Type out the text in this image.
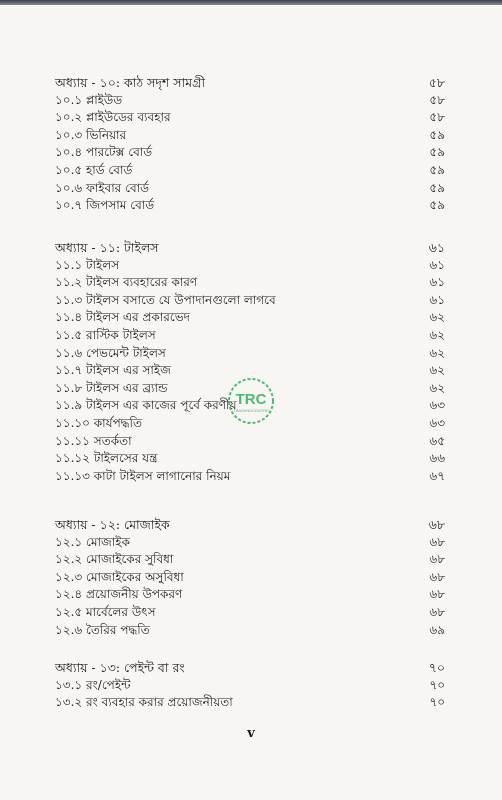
অধ্যায় - ১০: কাঠ সদৃশ সামগ্রী	৫৮
১০.১ প্লাইউড	৫৮
১০.২ প্লাইউডের ব্যবহার	৫৮
১০.৩ ভিনিয়ার	৫৯
১০.৪ পারটেক্স বোর্ড	৫৯
১০.৫ হার্ড বোর্ড	৫৯
১০.৬ ফাইবার বোর্ড	৫৯
১০.৭ জিপসাম বোর্ড	৫৯
অধ্যায় - ১১: টাইলস	৬১
১১.১ টাইলস	৬১
১১.২ টাইলস ব্যবহারের কারণ	৬১
১১.৩ টাইলস বসাতে যে উপাদানগুলো লাগবে	৬১
১১.৪ টাইলস এর প্রকারভেদ	৬২
১১.৫ রাস্টিক টাইলস	৬২
১১.৬ পেভমেন্ট টাইলস	৬২
১১.৭ টাইলস এর সাইজ	৬২
১১.৮ টাইলস এর ব্র্যান্ড	৬২
১১.৯ টাইলস এর কাজের পূর্বে করণীয়	৬৩
১১.১০ কার্যপদ্ধতি	৬৩
১১.১১ সতর্কতা	৬৫
১১.১২ টাইলসের যন্ত্র	৬৬
১১.১৩ কাটা টাইলস লাগানোর নিয়ম	৬৭
অধ্যায় - ১২: মোজাইক	৬৮
১২.১ মোজাইক	৬৮
১২.২ মোজাইকের সুবিধা	৬৮
১২.৩ মোজাইকের অসুবিধা	৬৮
১২.৪ প্রয়োজনীয় উপকরণ	৬৮
১২.৫ মার্বেলের উৎস	৬৮
১২.৬ তৈরির পদ্ধতি	৬৯
অধ্যায় - ১৩: পেইন্ট বা রং	৭০
১৩.১ রং/পেইন্ট	৭০
১৩.২ রং ব্যবহার করার প্রয়োজনীয়তা	৭০
TRC
TRAININGCENTRE
v
